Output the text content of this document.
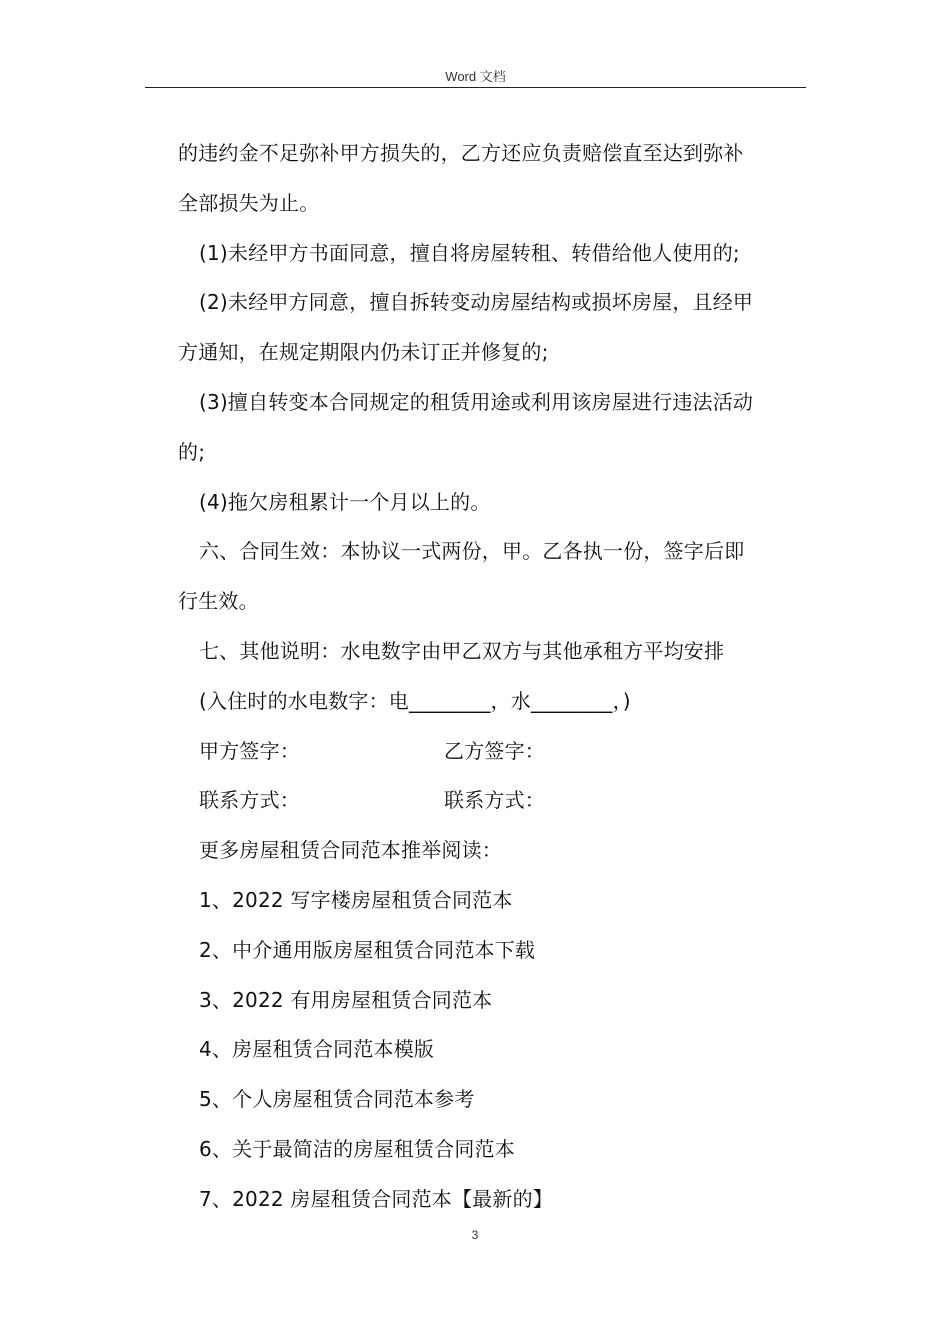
Word 文档

的违约金不足弥补甲方损失的，乙方还应负责赔偿直至达到弥补

全部损失为止。

(1)未经甲方书面同意，擅自将房屋转租、转借给他人使用的;

(2)未经甲方同意，擅自拆转变动房屋结构或损坏房屋，且经甲

方通知，在规定期限内仍未订正并修复的;

(3)擅自转变本合同规定的租赁用途或利用该房屋进行违法活动

的;

(4)拖欠房租累计一个月以上的。

六、合同生效：本协议一式两份，甲。乙各执一份，签字后即

行生效。

七、其他说明：水电数字由甲乙双方与其他承租方平均安排

(入住时的水电数字：电________，水________，)

甲方签字：	乙方签字：
联系方式：	联系方式：

更多房屋租赁合同范本推举阅读：

1、2022 写字楼房屋租赁合同范本

2、中介通用版房屋租赁合同范本下载

3、2022 有用房屋租赁合同范本

4、房屋租赁合同范本模版

5、个人房屋租赁合同范本参考

6、关于最简洁的房屋租赁合同范本

7、2022 房屋租赁合同范本【最新的】

3
